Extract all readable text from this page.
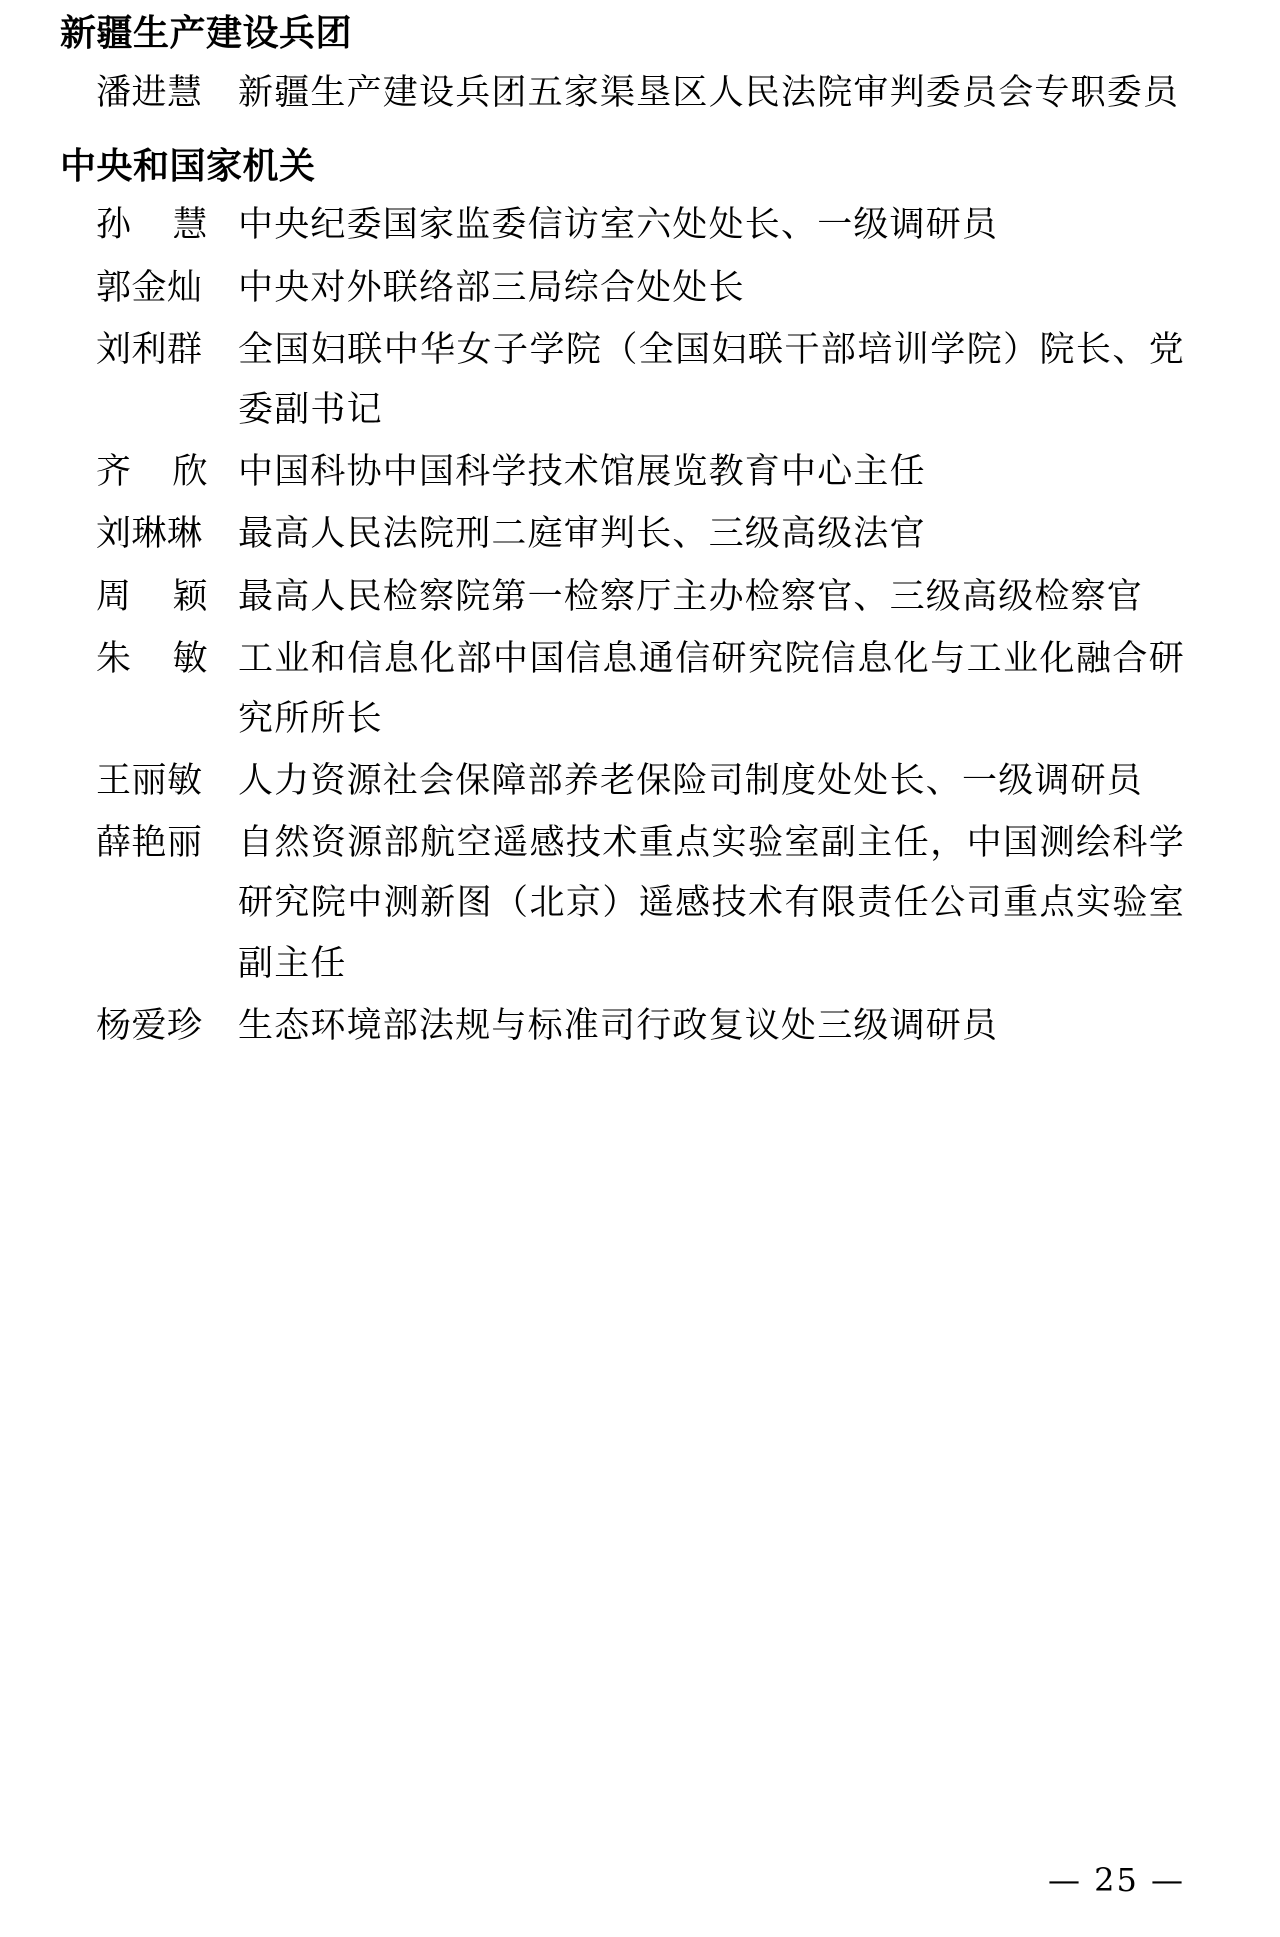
新疆生产建设兵团
潘进慧	新疆生产建设兵团五家渠垦区人民法院审判委员会专职委员
中央和国家机关
孙　慧 中央纪委国家监委信访室六处处长、一级调研员
郭金灿	中央对外联络部三局综合处处长
刘利群	全国妇联中华女子学院（全国妇联干部培训学院）院长、党委副书记
齐　欣 中国科协中国科学技术馆展览教育中心主任
刘琳琳	最高人民法院刑二庭审判长、三级高级法官
周　颖 最高人民检察院第一检察厅主办检察官、三级高级检察官
朱　敏 工业和信息化部中国信息通信研究院信息化与工业化融合研究所所长
王丽敏	人力资源社会保障部养老保险司制度处处长、一级调研员
薛艳丽	自然资源部航空遥感技术重点实验室副主任，中国测绘科学研究院中测新图（北京）遥感技术有限责任公司重点实验室副主任
杨爱珍	生态环境部法规与标准司行政复议处三级调研员
— 25 —
